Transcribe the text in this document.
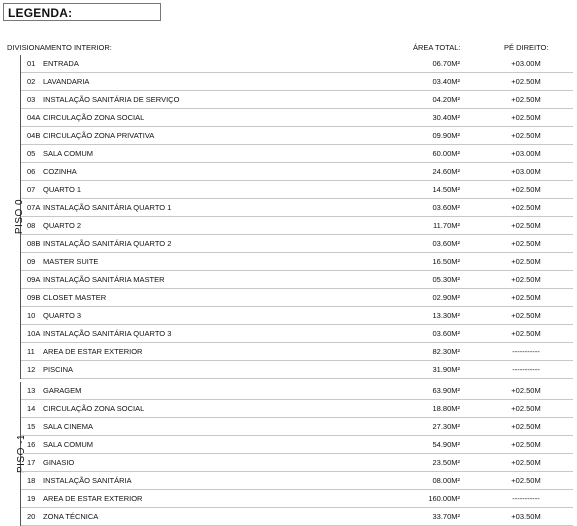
LEGENDA:
DIVISIONAMENTO INTERIOR:	ÁREA TOTAL:	PÉ DIREITO:
PISO 0
01 ENTRADA	06.70M²	+03.00M
02 LAVANDARIA	03.40M²	+02.50M
03 INSTALAÇÃO SANITÁRIA DE SERVIÇO	04.20M²	+02.50M
04A CIRCULAÇÃO ZONA SOCIAL	30.40M²	+02.50M
04B CIRCULAÇÃO ZONA PRIVATIVA	09.90M²	+02.50M
05 SALA COMUM	60.00M²	+03.00M
06 COZINHA	24.60M²	+03.00M
07 QUARTO 1	14.50M²	+02.50M
07A INSTALAÇÃO SANITÁRIA QUARTO 1	03.60M²	+02.50M
08 QUARTO 2	11.70M²	+02.50M
08B INSTALAÇÃO SANITÁRIA QUARTO 2	03.60M²	+02.50M
09 MASTER SUITE	16.50M²	+02.50M
09A INSTALAÇÃO SANITÁRIA MASTER	05.30M²	+02.50M
09B CLOSET MASTER	02.90M²	+02.50M
10 QUARTO 3	13.30M²	+02.50M
10A INSTALAÇÃO SANITÁRIA QUARTO 3	03.60M²	+02.50M
11 AREA DE ESTAR EXTERIOR	82.30M²	-----------
12 PISCINA	31.90M²	-----------
PISO -1
13 GARAGEM	63.90M²	+02.50M
14 CIRCULAÇÃO ZONA SOCIAL	18.80M²	+02.50M
15 SALA CINEMA	27.30M²	+02.50M
16 SALA COMUM	54.90M²	+02.50M
17 GINASIO	23.50M²	+02.50M
18 INSTALAÇÃO SANITÁRIA	08.00M²	+02.50M
19 AREA DE ESTAR EXTERIOR	160.00M²	-----------
20 ZONA TÉCNICA	33.70M²	+03.50M
